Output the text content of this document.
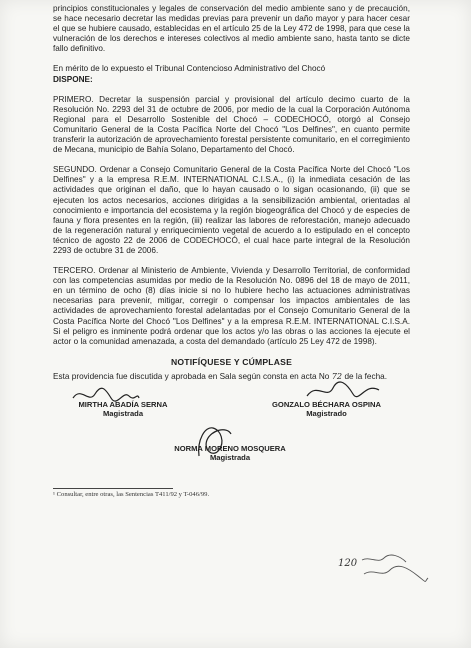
principios constitucionales y legales de conservación del medio ambiente sano y de precaución, se hace necesario decretar las medidas previas para prevenir un daño mayor y para hacer cesar el que se hubiere causado, establecidas en el artículo 25 de la Ley 472 de 1998, para que cese la vulneración de los derechos e intereses colectivos al medio ambiente sano, hasta tanto se dicte fallo definitivo.

En mérito de lo expuesto el Tribunal Contencioso Administrativo del Chocó
DISPONE:

PRIMERO. Decretar la suspensión parcial y provisional del artículo decimo cuarto de la Resolución No. 2293 del 31 de octubre de 2006, por medio de la cual la Corporación Autónoma Regional para el Desarrollo Sostenible del Chocó – CODECHOCÓ, otorgó al Consejo Comunitario General de la Costa Pacífica Norte del Chocó "Los Delfines", en cuanto permite transferir la autorización de aprovechamiento forestal persistente comunitario, en el corregimiento de Mecana, municipio de Bahía Solano, Departamento del Chocó.

SEGUNDO. Ordenar a Consejo Comunitario General de la Costa Pacífica Norte del Chocó "Los Delfines" y a la empresa R.E.M. INTERNATIONAL C.I.S.A., (i) la inmediata cesación de las actividades que originan el daño, que lo hayan causado o lo sigan ocasionando, (ii) que se ejecuten los actos necesarios, acciones dirigidas a la sensibilización ambiental, orientadas al conocimiento e importancia del ecosistema y la región biogeográfica del Chocó y de especies de fauna y flora presentes en la región, (iii) realizar las labores de reforestación, manejo adecuado de la regeneración natural y enriquecimiento vegetal de acuerdo a lo estipulado en el concepto técnico de agosto 22 de 2006 de CODECHOCÓ, el cual hace parte integral de la Resolución 2293 de octubre 31 de 2006.

TERCERO. Ordenar al Ministerio de Ambiente, Vivienda y Desarrollo Territorial, de conformidad con las competencias asumidas por medio de la Resolución No. 0896 del 18 de mayo de 2011, en un término de ocho (8) días inicie si no lo hubiere hecho las actuaciones administrativas necesarias para prevenir, mitigar, corregir o compensar los impactos ambientales de las actividades de aprovechamiento forestal adelantadas por el Consejo Comunitario General de la Costa Pacífica Norte del Chocó "Los Delfines" y a la empresa R.E.M. INTERNATIONAL C.I.S.A. Si el peligro es inminente podrá ordenar que los actos y/o las obras o las acciones la ejecute el actor o la comunidad amenazada, a costa del demandado (artículo 25 Ley 472 de 1998).

NOTIFÍQUESE Y CÚMPLASE

Esta providencia fue discutida y aprobada en Sala según consta en acta No 72 de la fecha.

MIRTHA ABADÍA SERNA
Magistrada
GONZALO BÉCHARA OSPINA
Magistrado
NORMA MORENO MOSQUERA
Magistrada
¹ Consultar, entre otras, las Sentencias T411/92 y T-046/99.
120
